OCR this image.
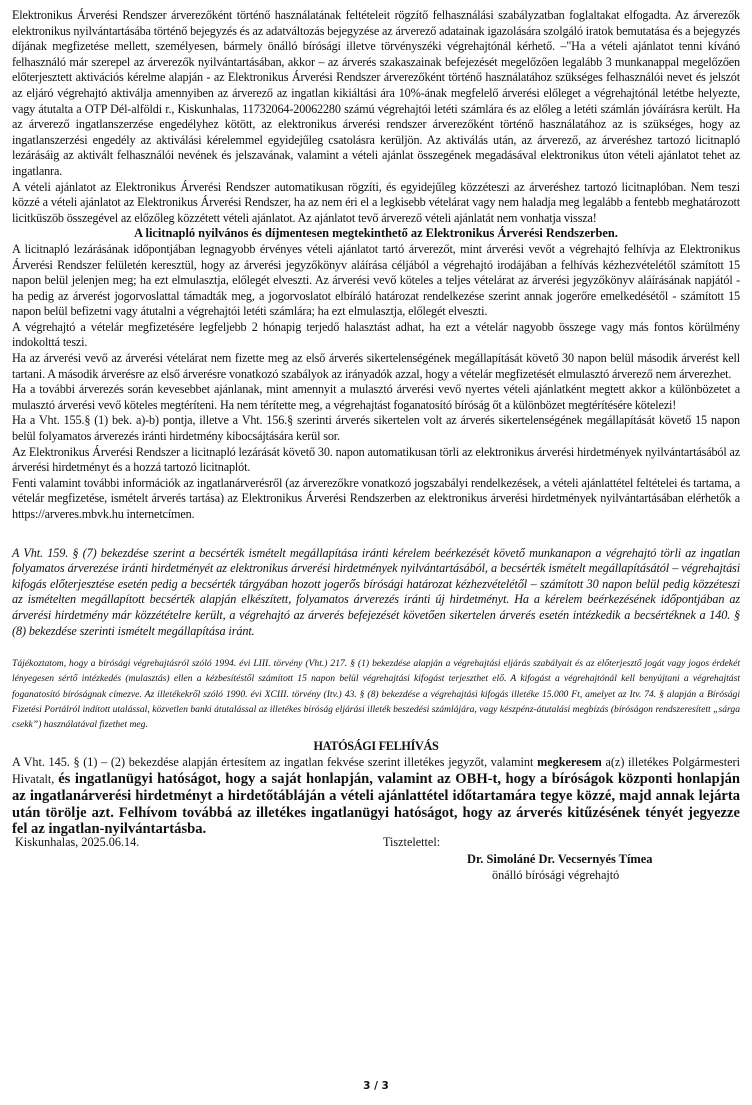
Elektronikus Árverési Rendszer árverezőként történő használatának feltételeit rögzítő felhasználási szabályzatban foglaltakat elfogadta. Az árverezők elektronikus nyilvántartásába történő bejegyzés és az adatváltozás bejegyzése az árverező adatainak igazolására szolgáló iratok bemutatása és a bejegyzés díjának megfizetése mellett, személyesen, bármely önálló bírósági illetve törvényszéki végrehajtónál kérhető. –"Ha a vételi ajánlatot tenni kívánó felhasználó már szerepel az árverezők nyilvántartásában, akkor – az árverés szakaszainak befejezését megelőzően legalább 3 munkanappal megelőzően előterjesztett aktivációs kérelme alapján - az Elektronikus Árverési Rendszer árverezőként történő használatához szükséges felhasználói nevet és jelszót az eljáró végrehajtó aktiválja amennyiben az árverező az ingatlan kikiáltási ára 10%-ának megfelelő árverési előleget a végrehajtónál letétbe helyezte, vagy átutalta a OTP Dél-alföldi r., Kiskunhalas, 11732064-20062280 számú végrehajtói letéti számlára és az előleg a letéti számlán jóváírásra került. Ha az árverező ingatlanszerzése engedélyhez kötött, az elektronikus árverési rendszer árverezőként történő használatához az is szükséges, hogy az ingatlanszerzési engedély az aktiválási kérelemmel egyidejűleg csatolásra kerüljön. Az aktiválás után, az árverező, az árveréshez tartozó licitnapló lezárásáig az aktivált felhasználói nevének és jelszavának, valamint a vételi ajánlat összegének megadásával elektronikus úton vételi ajánlatot tehet az ingatlanra.

A vételi ajánlatot az Elektronikus Árverési Rendszer automatikusan rögzíti, és egyidejűleg közzéteszi az árveréshez tartozó licitnaplóban. Nem teszi közzé a vételi ajánlatot az Elektronikus Árverési Rendszer, ha az nem éri el a legkisebb vételárat vagy nem haladja meg legalább a fentebb meghatározott licitküszöb összegével az előzőleg közzétett vételi ajánlatot. Az ajánlatot tevő árverező vételi ajánlatát nem vonhatja vissza!

A licitnapló nyilvános és díjmentesen megtekinthető az Elektronikus Árverési Rendszerben.

A licitnapló lezárásának időpontjában legnagyobb érvényes vételi ajánlatot tartó árverezőt, mint árverési vevőt a végrehajtó felhívja az Elektronikus Árverési Rendszer felületén keresztül, hogy az árverési jegyzőkönyv aláírása céljából a végrehajtó irodájában a felhívás kézhezvételétől számított 15 napon belül jelenjen meg; ha ezt elmulasztja, előlegét elveszti. Az árverési vevő köteles a teljes vételárat az árverési jegyzőkönyv aláírásának napjától - ha pedig az árverést jogorvoslattal támadták meg, a jogorvoslatot elbíráló határozat rendelkezése szerint annak jogerőre emelkedésétől - számított 15 napon belül befizetni vagy átutalni a végrehajtói letéti számlára; ha ezt elmulasztja, előlegét elveszti.

A végrehajtó a vételár megfizetésére legfeljebb 2 hónapig terjedő halasztást adhat, ha ezt a vételár nagyobb összege vagy más fontos körülmény indokolttá teszi.

Ha az árverési vevő az árverési vételárat nem fizette meg az első árverés sikertelenségének megállapítását követő 30 napon belül második árverést kell tartani. A második árverésre az első árverésre vonatkozó szabályok az irányadók azzal, hogy a vételár megfizetését elmulasztó árverező nem árverezhet.

Ha a további árverezés során kevesebbet ajánlanak, mint amennyit a mulasztó árverési vevő nyertes vételi ajánlatként megtett akkor a különbözetet a mulasztó árverési vevő köteles megtéríteni. Ha nem térítette meg, a végrehajtást foganatosító bíróság őt a különbözet megtérítésére kötelezi!

Ha a Vht. 155.§ (1) bek. a)-b) pontja, illetve a Vht. 156.§ szerinti árverés sikertelen volt az árverés sikertelenségének megállapítását követő 15 napon belül folyamatos árverezés iránti hirdetmény kibocsájtására kerül sor.

Az Elektronikus Árverési Rendszer a licitnapló lezárását követő 30. napon automatikusan törli az elektronikus árverési hirdetmények nyilvántartásából az árverési hirdetményt és a hozzá tartozó licitnaplót.

Fenti valamint további információk az ingatlanárverésről (az árverezőkre vonatkozó jogszabályi rendelkezések, a vételi ajánlattétel feltételei és tartama, a vételár megfizetése, ismételt árverés tartása) az Elektronikus Árverési Rendszerben az elektronikus árverési hirdetmények nyilvántartásában elérhetők a https://arveres.mbvk.hu internetcímen.

A Vht. 159. § (7) bekezdése szerint a becsérték ismételt megállapítása iránti kérelem beérkezését követő munkanapon a végrehajtó törli az ingatlan folyamatos árverezése iránti hirdetményét az elektronikus árverési hirdetmények nyilvántartásából, a becsérték ismételt megállapításától – végrehajtási kifogás előterjesztése esetén pedig a becsérték tárgyában hozott jogerős bírósági határozat kézhezvételétől – számított 30 napon belül pedig közzéteszi az ismételten megállapított becsérték alapján elkészített, folyamatos árverezés iránti új hirdetményt. Ha a kérelem beérkezésének időpontjában az árverési hirdetmény már közzétételre került, a végrehajtó az árverés befejezését követően sikertelen árverés esetén intézkedik a becsértéknek a 140. § (8) bekezdése szerinti ismételt megállapítása iránt.

Tájékoztatom, hogy a bírósági végrehajtásról szóló 1994. évi LIII. törvény (Vht.) 217. § (1) bekezdése alapján a végrehajtási eljárás szabályait és az előterjesztő jogát vagy jogos érdekét lényegesen sértő intézkedés (mulasztás) ellen a kézbesítéstől számított 15 napon belül végrehajtási kifogást terjeszthet elő. A kifogást a végrehajtónál kell benyújtani a végrehajtást foganatosító bíróságnak címezve. Az illetékekről szóló 1990. évi XCIII. törvény (Itv.) 43. § (8) bekezdése a végrehajtási kifogás illetéke 15.000 Ft, amelyet az Itv. 74. § alapján a Bírósági Fizetési Portálról indított utalással, közvetlen banki átutalással az illetékes bíróság eljárási illeték beszedési számlájára, vagy készpénz-átutalási megbízás (bíróságon rendszeresített „sárga csekk”) használatával fizethet meg.

HATÓSÁGI FELHÍVÁS

A Vht. 145. § (1) – (2) bekezdése alapján értesítem az ingatlan fekvése szerint illetékes jegyzőt, valamint megkeresem a(z) illetékes Polgármesteri Hivatalt, és ingatlanügyi hatóságot, hogy a saját honlapján, valamint az OBH-t, hogy a bíróságok központi honlapján az ingatlanárverési hirdetményt a hirdetőtábláján a vételi ajánlattétel időtartamára tegye közzé, majd annak lejárta után törölje azt. Felhívom továbbá az illetékes ingatlanügyi hatóságot, hogy az árverés kitűzésének tényét jegyezze fel az ingatlan-nyilvántartásba.

Kiskunhalas, 2025.06.14.	Tisztelettel:
Dr. Simoláné Dr. Vecsernyés Tímea
önálló bírósági végrehajtó
3 / 3
